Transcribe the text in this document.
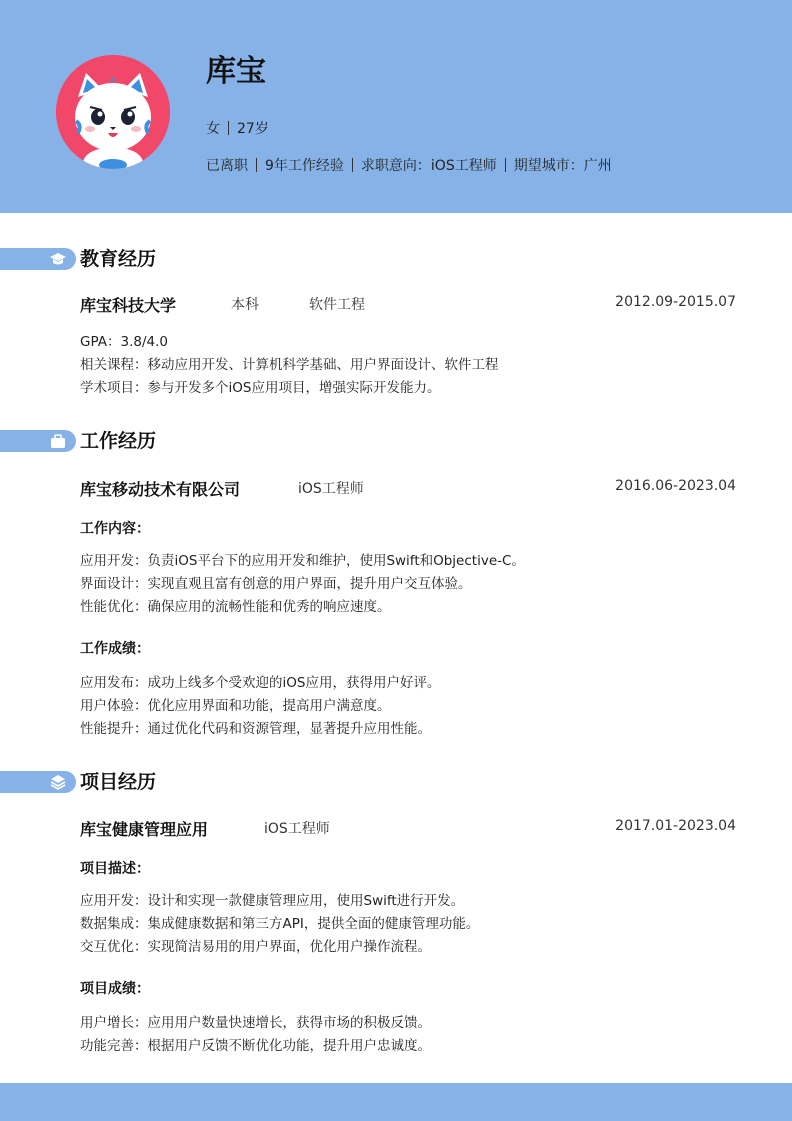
库宝
女 27岁
已离职 9年工作经验 求职意向：iOS工程师 期望城市：广州
教育经历
库宝科技大学	本科	软件工程	2012.09-2015.07
GPA：3.8/4.0
相关课程：移动应用开发、计算机科学基础、用户界面设计、软件工程
学术项目：参与开发多个iOS应用项目，增强实际开发能力。
工作经历
库宝移动技术有限公司	iOS工程师	2016.06-2023.04
工作内容：
应用开发：负责iOS平台下的应用开发和维护，使用Swift和Objective-C。
界面设计：实现直观且富有创意的用户界面，提升用户交互体验。
性能优化：确保应用的流畅性能和优秀的响应速度。
工作成绩：
应用发布：成功上线多个受欢迎的iOS应用，获得用户好评。
用户体验：优化应用界面和功能，提高用户满意度。
性能提升：通过优化代码和资源管理，显著提升应用性能。
项目经历
库宝健康管理应用	iOS工程师	2017.01-2023.04
项目描述：
应用开发：设计和实现一款健康管理应用，使用Swift进行开发。
数据集成：集成健康数据和第三方API，提供全面的健康管理功能。
交互优化：实现简洁易用的用户界面，优化用户操作流程。
项目成绩：
用户增长：应用用户数量快速增长，获得市场的积极反馈。
功能完善：根据用户反馈不断优化功能，提升用户忠诚度。
